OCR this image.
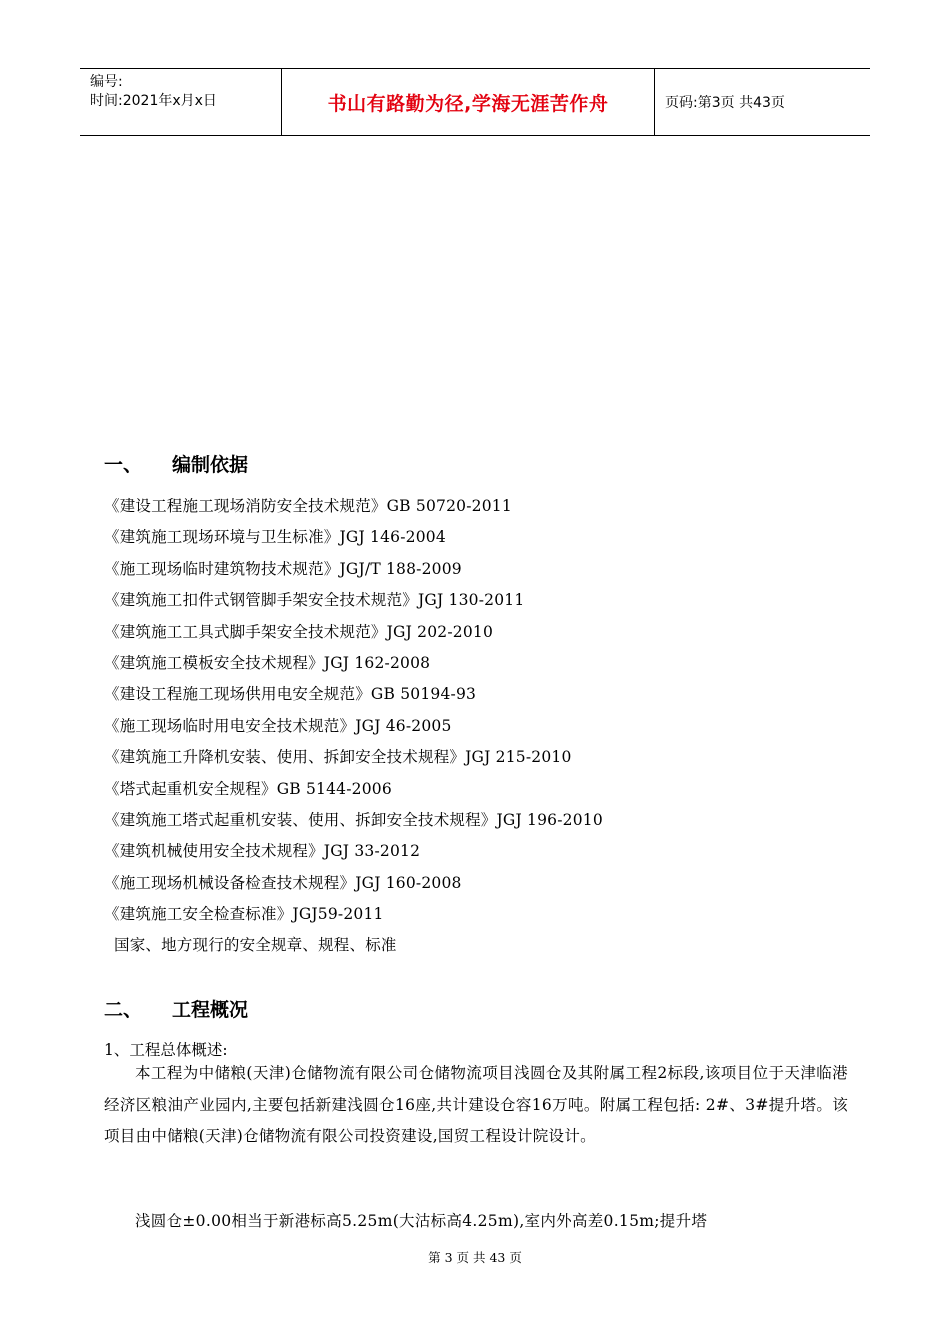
编号:
时间:2021年x月x日	书山有路勤为径,学海无涯苦作舟	页码:第3页 共43页
一、	编制依据
《建设工程施工现场消防安全技术规范》GB 50720-2011
《建筑施工现场环境与卫生标准》JGJ 146-2004
《施工现场临时建筑物技术规范》JGJ/T 188-2009
《建筑施工扣件式钢管脚手架安全技术规范》JGJ 130-2011
《建筑施工工具式脚手架安全技术规范》JGJ 202-2010
《建筑施工模板安全技术规程》JGJ 162-2008
《建设工程施工现场供用电安全规范》GB 50194-93
《施工现场临时用电安全技术规范》JGJ 46-2005
《建筑施工升降机安装、使用、拆卸安全技术规程》JGJ 215-2010
《塔式起重机安全规程》GB 5144-2006
《建筑施工塔式起重机安装、使用、拆卸安全技术规程》JGJ 196-2010
《建筑机械使用安全技术规程》JGJ 33-2012
《施工现场机械设备检查技术规程》JGJ 160-2008
《建筑施工安全检查标准》JGJ59-2011
国家、地方现行的安全规章、规程、标准
二、	工程概况
1、工程总体概述:

本工程为中储粮(天津)仓储物流有限公司仓储物流项目浅圆仓及其附属工程2标段,该项目位于天津临港经济区粮油产业园内,主要包括新建浅圆仓16座,共计建设仓容16万吨。附属工程包括: 2#、3#提升塔。该项目由中储粮(天津)仓储物流有限公司投资建设,国贸工程设计院设计。

浅圆仓±0.00相当于新港标高5.25m(大沽标高4.25m),室内外高差0.15m;提升塔

第 3 页 共 43 页
